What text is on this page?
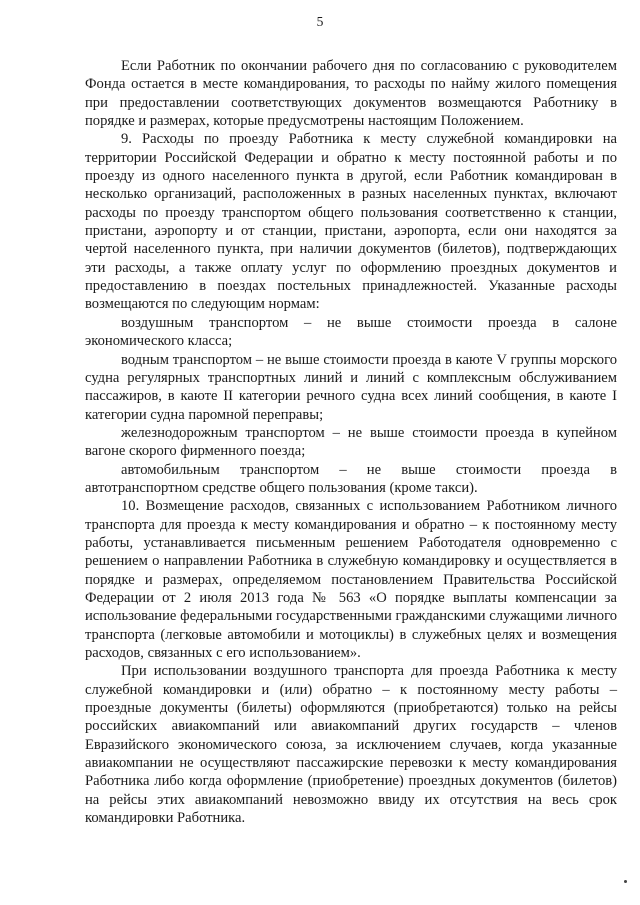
5

Если Работник по окончании рабочего дня по согласованию с руководителем Фонда остается в месте командирования, то расходы по найму жилого помещения при предоставлении соответствующих документов возмещаются Работнику в порядке и размерах, которые предусмотрены настоящим Положением.

9. Расходы по проезду Работника к месту служебной командировки на территории Российской Федерации и обратно к месту постоянной работы и по проезду из одного населенного пункта в другой, если Работник командирован в несколько организаций, расположенных в разных населенных пунктах, включают расходы по проезду транспортом общего пользования соответственно к станции, пристани, аэропорту и от станции, пристани, аэропорта, если они находятся за чертой населенного пункта, при наличии документов (билетов), подтверждающих эти расходы, а также оплату услуг по оформлению проездных документов и предоставлению в поездах постельных принадлежностей. Указанные расходы возмещаются по следующим нормам:

воздушным транспортом – не выше стоимости проезда в салоне экономического класса;

водным транспортом – не выше стоимости проезда в каюте V группы морского судна регулярных транспортных линий и линий с комплексным обслуживанием пассажиров, в каюте II категории речного судна всех линий сообщения, в каюте I категории судна паромной переправы;

железнодорожным транспортом – не выше стоимости проезда в купейном вагоне скорого фирменного поезда;

автомобильным транспортом – не выше стоимости проезда в автотранспортном средстве общего пользования (кроме такси).

10. Возмещение расходов, связанных с использованием Работником личного транспорта для проезда к месту командирования и обратно – к постоянному месту работы, устанавливается письменным решением Работодателя одновременно с решением о направлении Работника в служебную командировку и осуществляется в порядке и размерах, определяемом постановлением Правительства Российской Федерации от 2 июля 2013 года № 563 «О порядке выплаты компенсации за использование федеральными государственными гражданскими служащими личного транспорта (легковые автомобили и мотоциклы) в служебных целях и возмещения расходов, связанных с его использованием».

При использовании воздушного транспорта для проезда Работника к месту служебной командировки и (или) обратно – к постоянному месту работы – проездные документы (билеты) оформляются (приобретаются) только на рейсы российских авиакомпаний или авиакомпаний других государств – членов Евразийского экономического союза, за исключением случаев, когда указанные авиакомпании не осуществляют пассажирские перевозки к месту командирования Работника либо когда оформление (приобретение) проездных документов (билетов) на рейсы этих авиакомпаний невозможно ввиду их отсутствия на весь срок командировки Работника.
